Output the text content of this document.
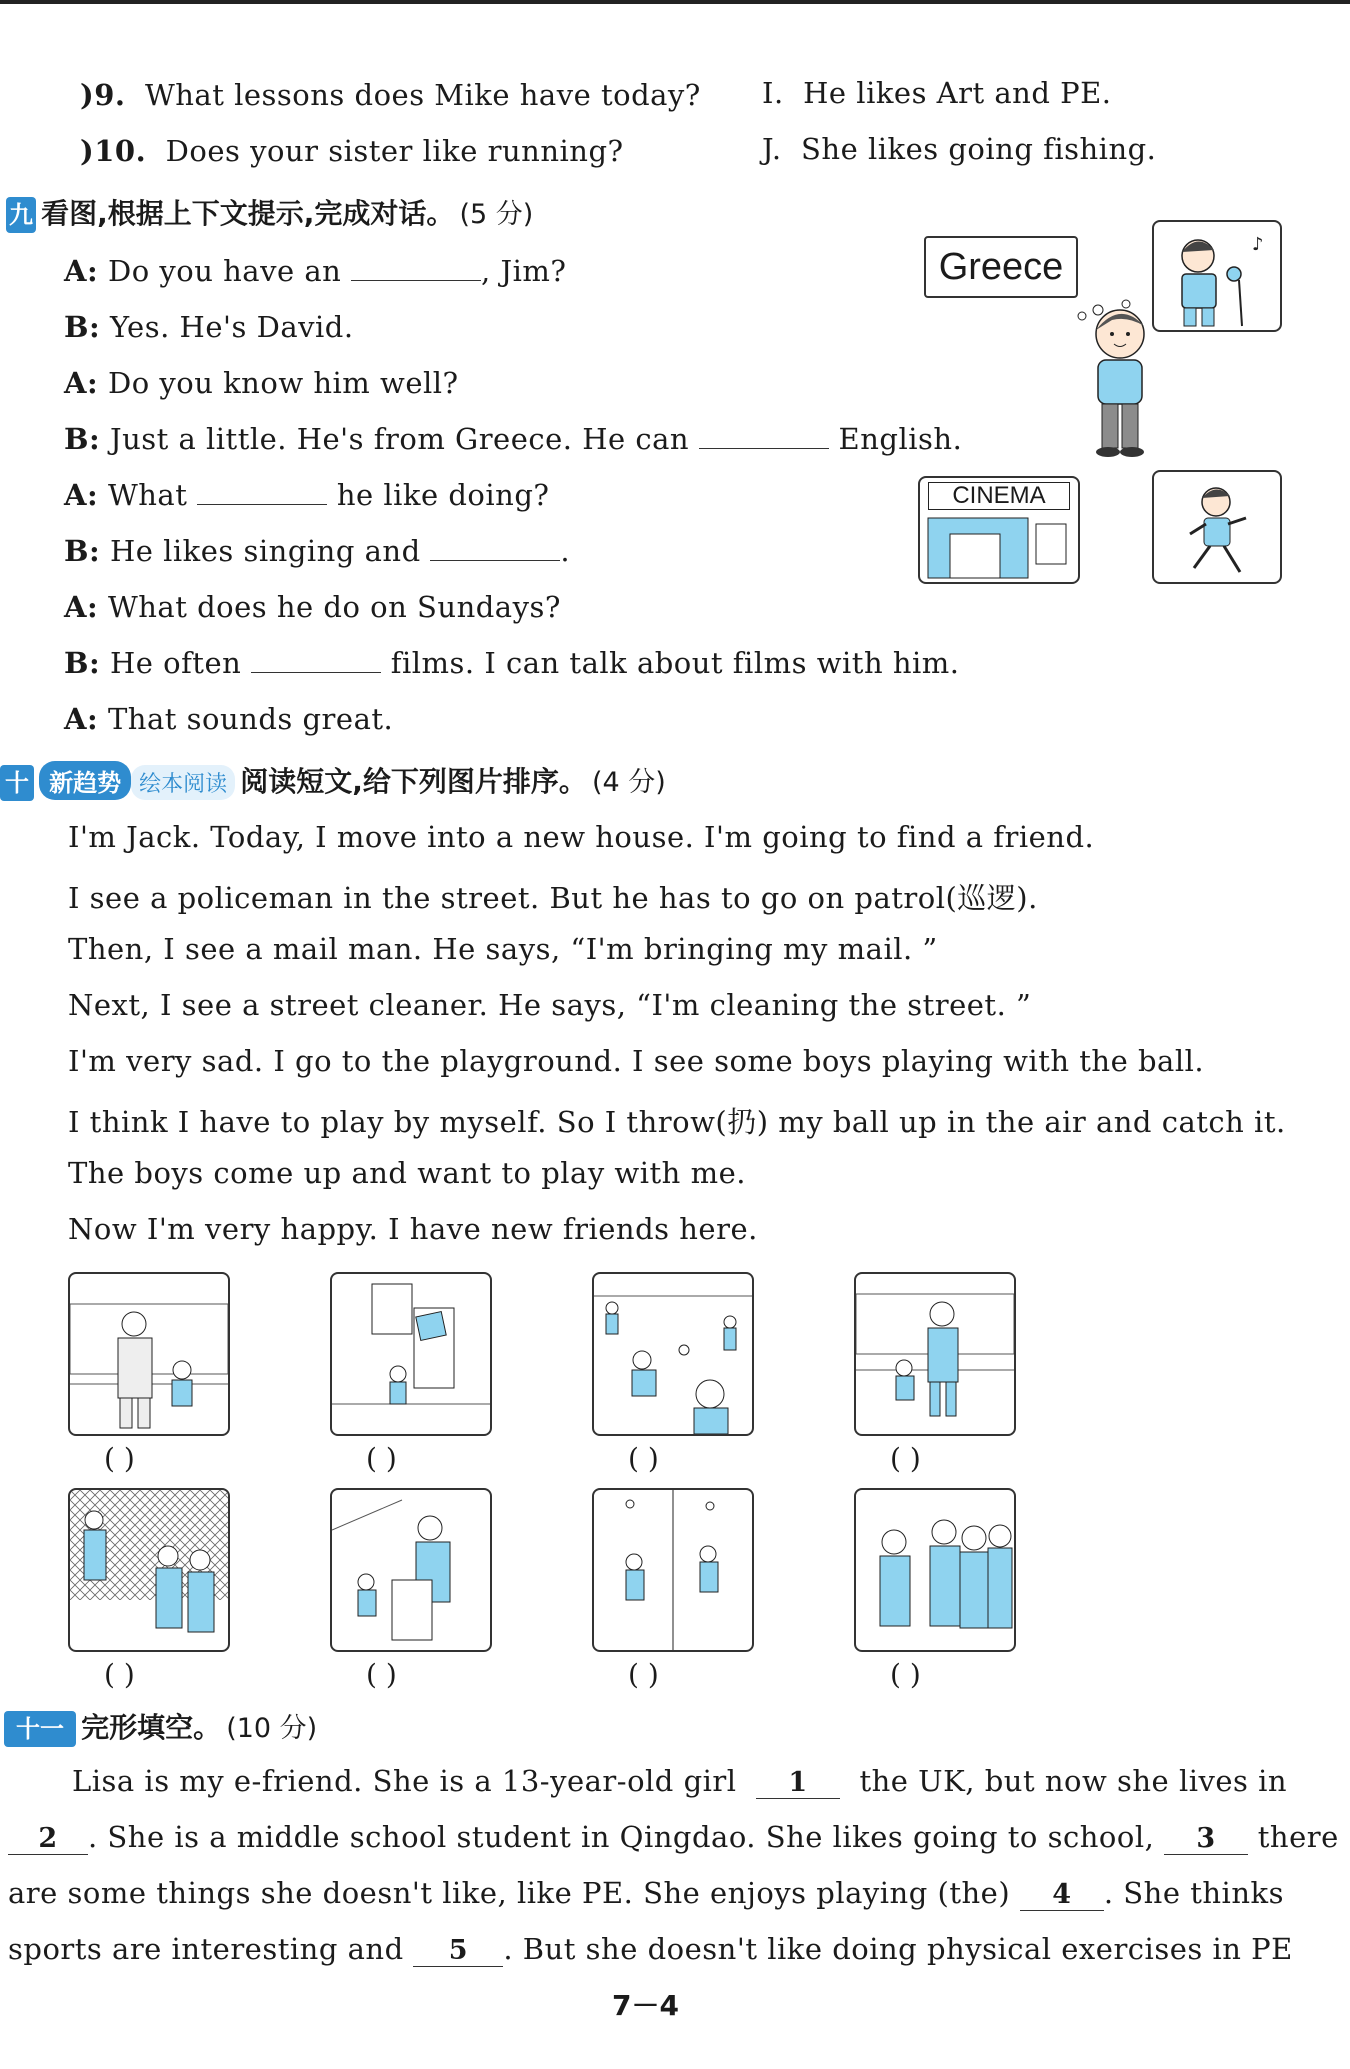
)9. What lessons does Mike have today? I. He likes Art and PE.
)10. Does your sister like running?	J. She likes going fishing.
九 看图,根据上下文提示,完成对话。 (5 分)
A: Do you have an	, Jim?
B: Yes. He's David.
A: Do you know him well?
B: Just a little. He's from Greece. He can	English.
A: What	he like doing?
B: He likes singing and	.
A: What does he do on Sundays?
B: He often	films. I can talk about films with him.
A: That sounds great.
Greece
♪
CINEMA
十 新趋势 绘本阅读 阅读短文,给下列图片排序。 (4 分)
I'm Jack. Today, I move into a new house. I'm going to find a friend.
I see a policeman in the street. But he has to go on patrol(巡逻).
Then, I see a mail man. He says, “I'm bringing my mail. ”
Next, I see a street cleaner. He says, “I'm cleaning the street. ”
I'm very sad. I go to the playground. I see some boys playing with the ball.
I think I have to play by myself. So I throw(扔) my ball up in the air and catch it.
The boys come up and want to play with me.
Now I'm very happy. I have new friends here.
( )	( )	( )	( )
( )	( )	( )	( )
十一 完形填空。 (10 分)
Lisa is my e-friend. She is a 13-year-old girl 1 the UK, but now she lives in
2 . She is a middle school student in Qingdao. She likes going to school, 3 there
are some things she doesn't like, like PE. She enjoys playing (the) 4 . She thinks
sports are interesting and 5 . But she doesn't like doing physical exercises in PE
7－4
